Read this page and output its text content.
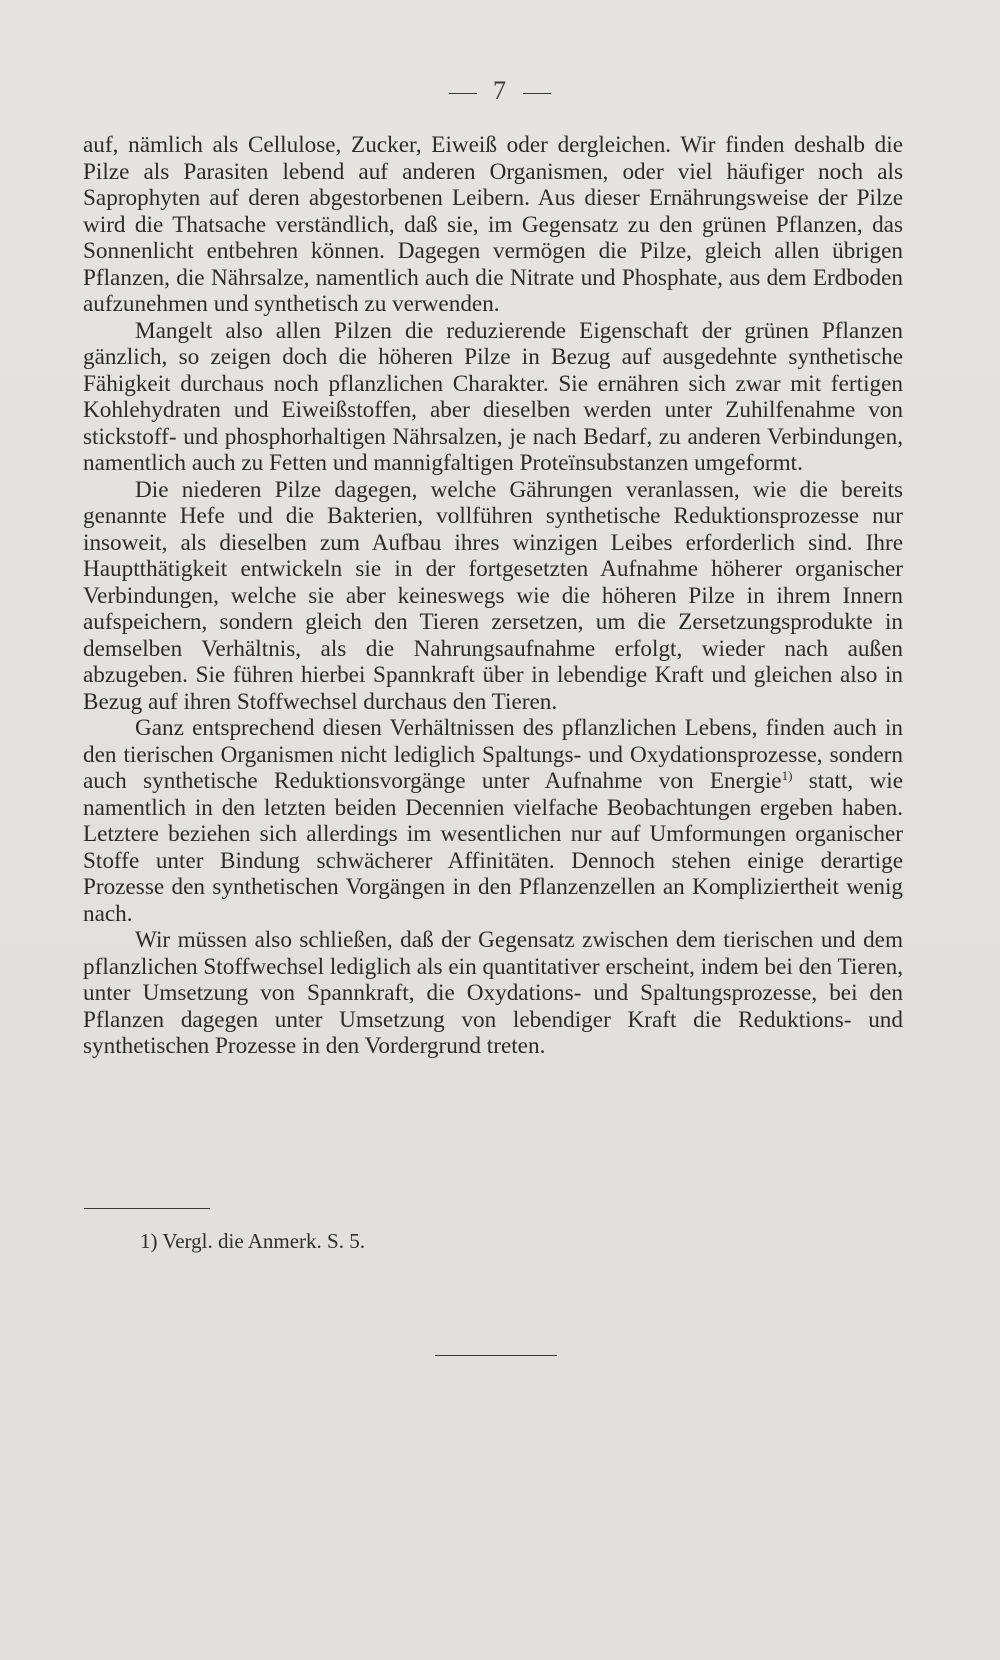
7

auf, nämlich als Cellulose, Zucker, Eiweiß oder dergleichen. Wir finden deshalb die Pilze als Parasiten lebend auf anderen Organismen, oder viel häufiger noch als Saprophyten auf deren abgestorbenen Leibern. Aus dieser Ernährungsweise der Pilze wird die Thatsache verständlich, daß sie, im Gegensatz zu den grünen Pflanzen, das Sonnenlicht entbehren können. Dagegen vermögen die Pilze, gleich allen übrigen Pflanzen, die Nährsalze, namentlich auch die Nitrate und Phosphate, aus dem Erdboden aufzunehmen und synthetisch zu verwenden.

Mangelt also allen Pilzen die reduzierende Eigenschaft der grünen Pflanzen gänzlich, so zeigen doch die höheren Pilze in Bezug auf ausgedehnte synthetische Fähigkeit durchaus noch pflanzlichen Charakter. Sie ernähren sich zwar mit fertigen Kohlehydraten und Eiweißstoffen, aber dieselben werden unter Zuhilfenahme von stickstoff- und phosphorhaltigen Nährsalzen, je nach Bedarf, zu anderen Verbindungen, namentlich auch zu Fetten und mannigfaltigen Proteïnsubstanzen umgeformt.

Die niederen Pilze dagegen, welche Gährungen veranlassen, wie die bereits genannte Hefe und die Bakterien, vollführen synthetische Reduktionsprozesse nur insoweit, als dieselben zum Aufbau ihres winzigen Leibes erforderlich sind. Ihre Hauptthätigkeit entwickeln sie in der fortgesetzten Aufnahme höherer organischer Verbindungen, welche sie aber keineswegs wie die höheren Pilze in ihrem Innern aufspeichern, sondern gleich den Tieren zersetzen, um die Zersetzungsprodukte in demselben Verhältnis, als die Nahrungsaufnahme erfolgt, wieder nach außen abzugeben. Sie führen hierbei Spannkraft über in lebendige Kraft und gleichen also in Bezug auf ihren Stoffwechsel durchaus den Tieren.

Ganz entsprechend diesen Verhältnissen des pflanzlichen Lebens, finden auch in den tierischen Organismen nicht lediglich Spaltungs- und Oxydationsprozesse, sondern auch synthetische Reduktionsvorgänge unter Aufnahme von Energie$^{1)}$ statt, wie namentlich in den letzten beiden Decennien vielfache Beobachtungen ergeben haben. Letztere beziehen sich allerdings im wesentlichen nur auf Umformungen organischer Stoffe unter Bindung schwächerer Affinitäten. Dennoch stehen einige derartige Prozesse den synthetischen Vorgängen in den Pflanzenzellen an Kompliziertheit wenig nach.

Wir müssen also schließen, daß der Gegensatz zwischen dem tierischen und dem pflanzlichen Stoffwechsel lediglich als ein quantitativer erscheint, indem bei den Tieren, unter Umsetzung von Spannkraft, die Oxydations- und Spaltungsprozesse, bei den Pflanzen dagegen unter Umsetzung von lebendiger Kraft die Reduktions- und synthetischen Prozesse in den Vordergrund treten.

1) Vergl. die Anmerk. S. 5.
